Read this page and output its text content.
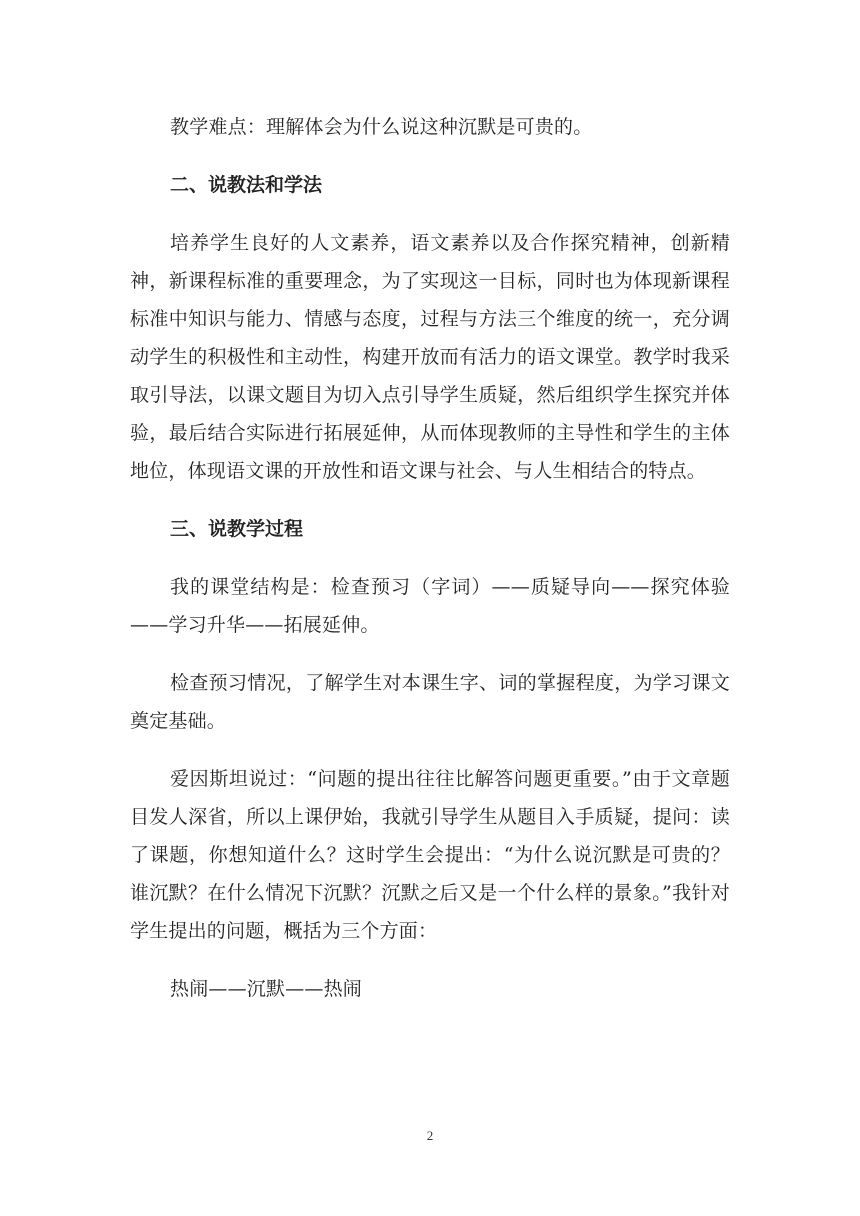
教学难点：理解体会为什么说这种沉默是可贵的。

二、说教法和学法

培养学生良好的人文素养，语文素养以及合作探究精神，创新精神，新课程标准的重要理念，为了实现这一目标，同时也为体现新课程标准中知识与能力、情感与态度，过程与方法三个维度的统一，充分调动学生的积极性和主动性，构建开放而有活力的语文课堂。教学时我采取引导法，以课文题目为切入点引导学生质疑，然后组织学生探究并体验，最后结合实际进行拓展延伸，从而体现教师的主导性和学生的主体地位，体现语文课的开放性和语文课与社会、与人生相结合的特点。

三、说教学过程

我的课堂结构是：检查预习（字词）——质疑导向——探究体验——学习升华——拓展延伸。

检查预习情况，了解学生对本课生字、词的掌握程度，为学习课文奠定基础。

爱因斯坦说过：“问题的提出往往比解答问题更重要。”由于文章题目发人深省，所以上课伊始，我就引导学生从题目入手质疑，提问：读了课题，你想知道什么？这时学生会提出：“为什么说沉默是可贵的？谁沉默？在什么情况下沉默？沉默之后又是一个什么样的景象。”我针对学生提出的问题，概括为三个方面：

热闹——沉默——热闹

2
